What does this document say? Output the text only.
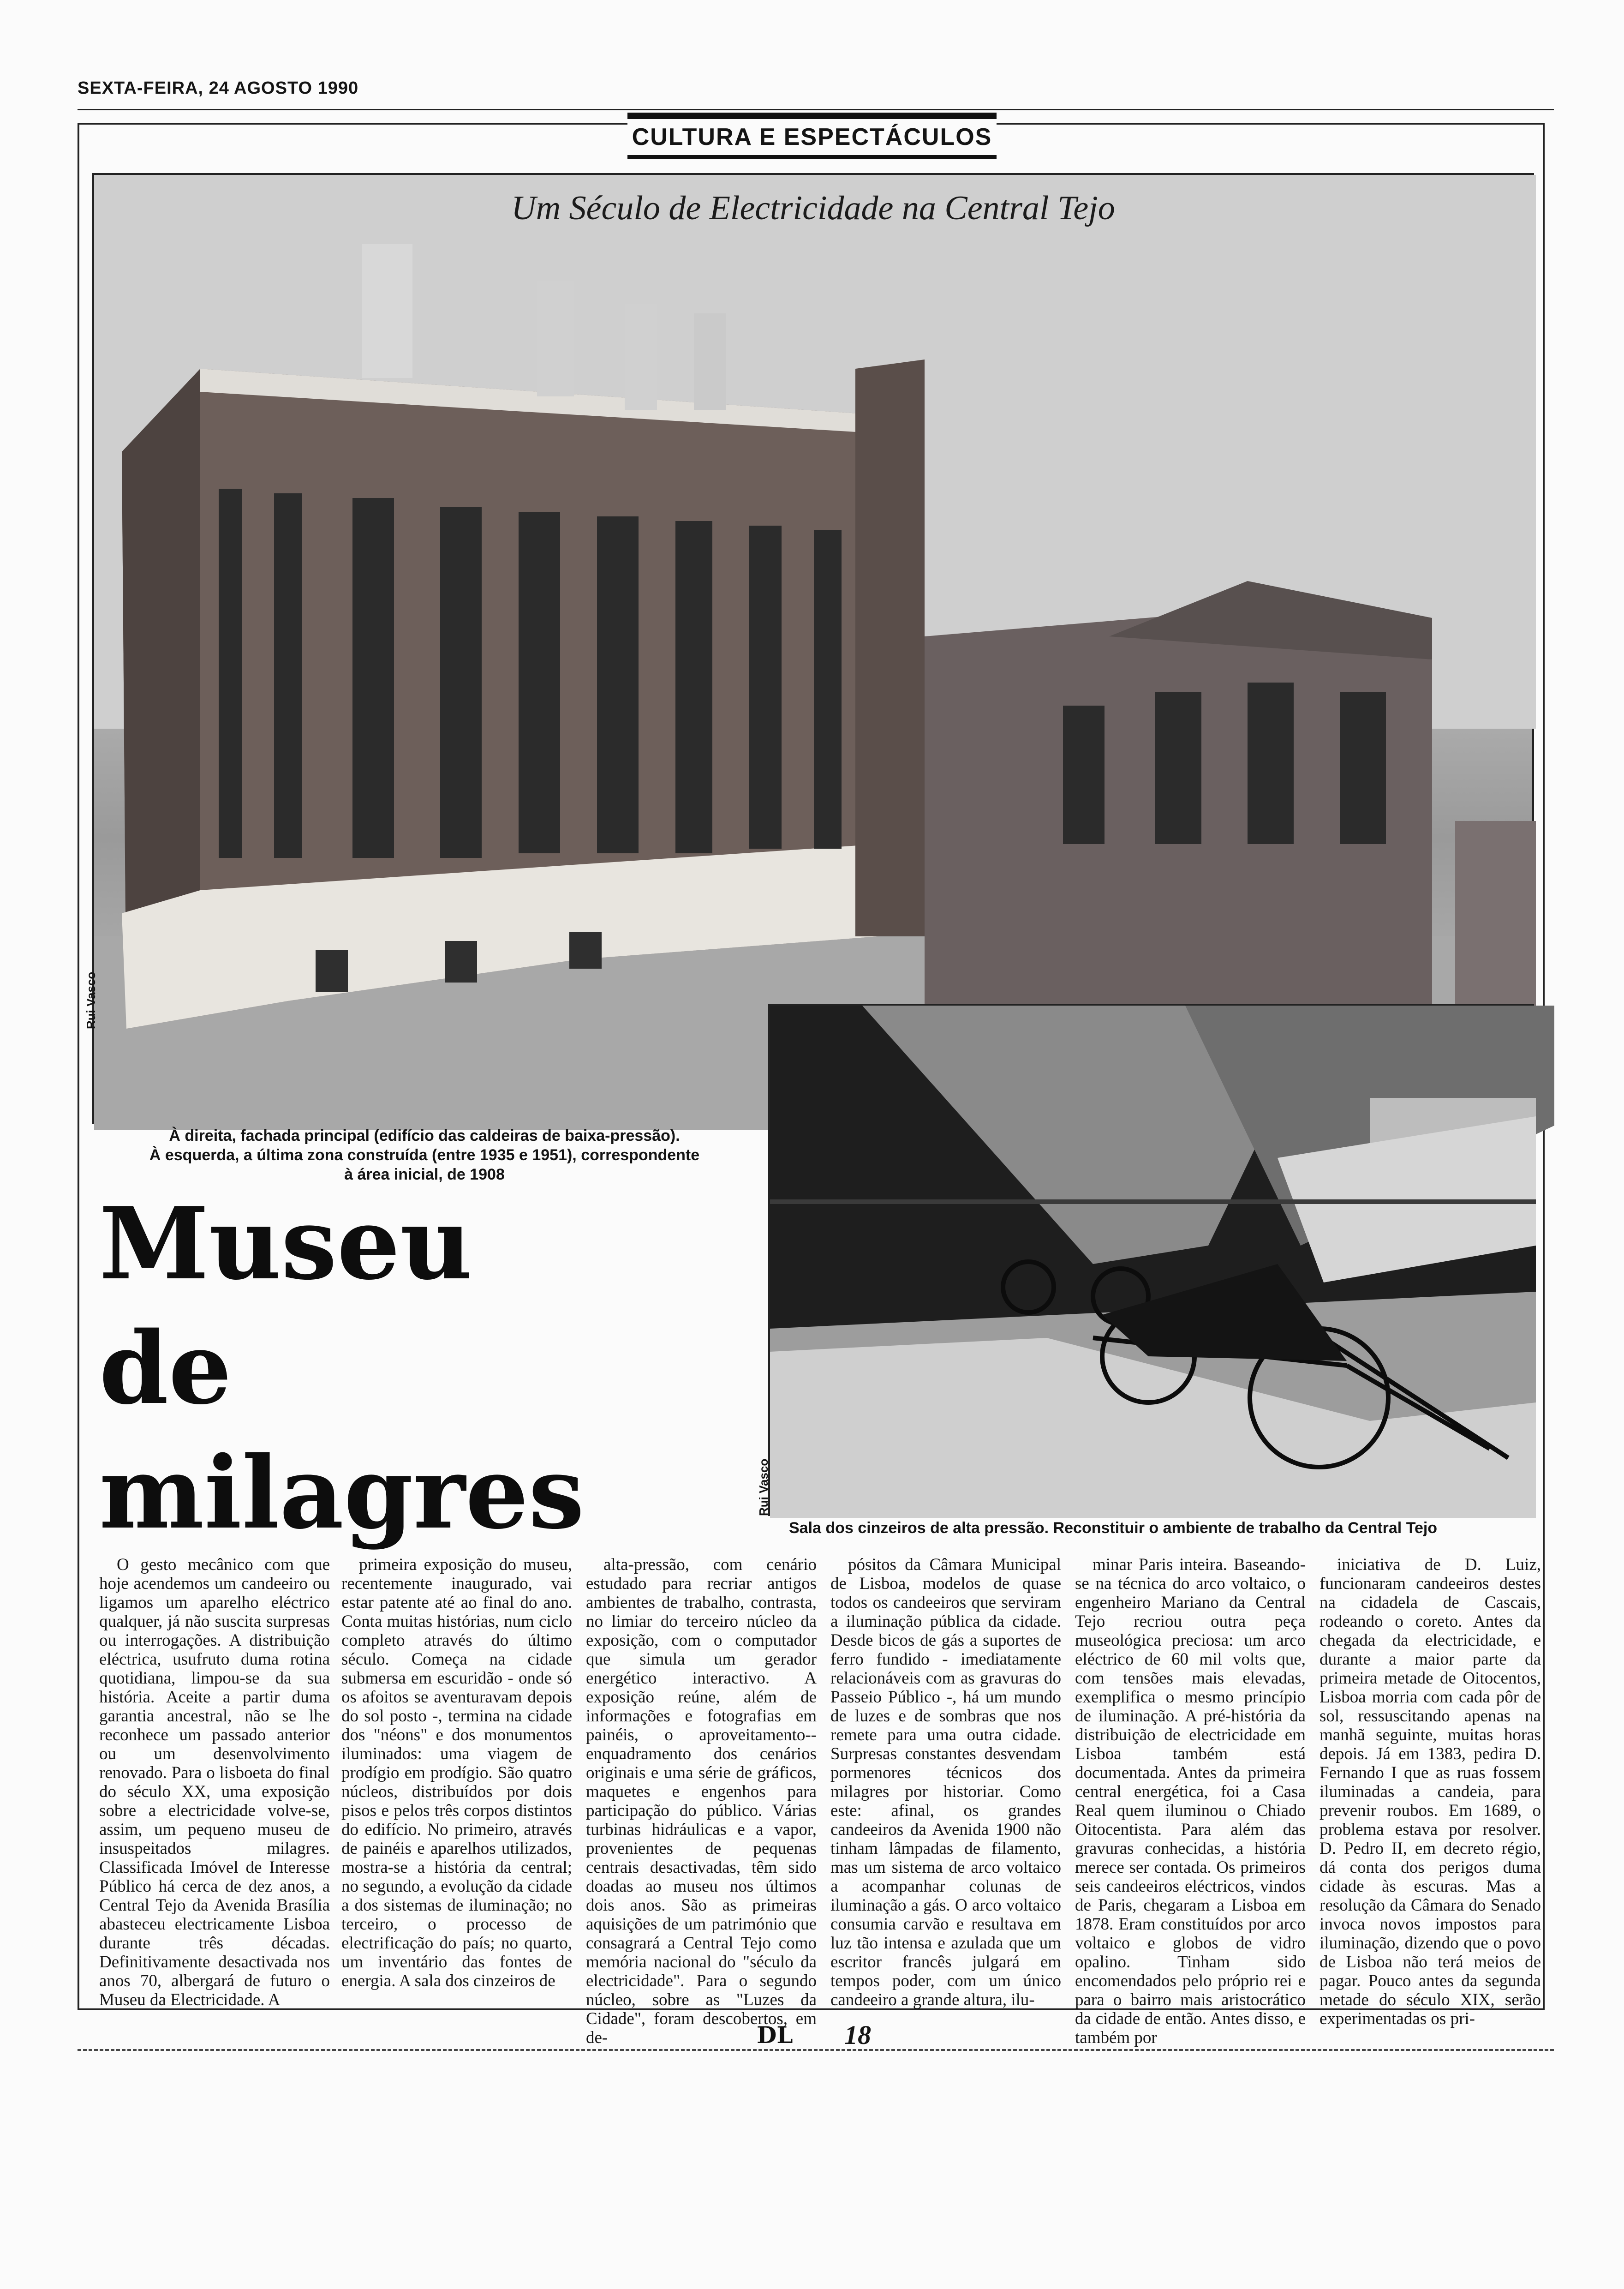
SEXTA-FEIRA, 24 AGOSTO 1990
CULTURA E ESPECTÁCULOS
Um Século de Electricidade na Central Tejo
Rui Vasco
Rui Vasco
À direita, fachada principal (edifício das caldeiras de baixa-pressão).
À esquerda, a última zona construída (entre 1935 e 1951), correspondente
à área inicial, de 1908
Sala dos cinzeiros de alta pressão. Reconstituir o ambiente de trabalho da Central Tejo
Museu
de
milagres
O gesto mecânico com que hoje acendemos um candeeiro ou ligamos um aparelho eléctrico qualquer, já não suscita surpresas ou interrogações. A distribuição eléctrica, usufruto duma rotina quotidiana, limpou-se da sua história. Aceite a partir duma garantia ancestral, não se lhe reconhece um passado anterior ou um desenvolvimento renovado. Para o lisboeta do final do século XX, uma exposição sobre a electricidade volve-se, assim, um pequeno museu de insuspeitados milagres. Classificada Imóvel de Interesse Público há cerca de dez anos, a Central Tejo da Avenida Brasília abasteceu electricamente Lisboa durante três décadas. Definitivamente desactivada nos anos 70, albergará de futuro o Museu da Electricidade. A
primeira exposição do museu, recentemente inaugurado, vai estar patente até ao final do ano. Conta muitas histórias, num ciclo completo através do último século. Começa na cidade submersa em escuridão - onde só os afoitos se aventuravam depois do sol posto -, termina na cidade dos "néons" e dos monumentos iluminados: uma viagem de prodígio em prodígio. São quatro núcleos, distribuídos por dois pisos e pelos três corpos distintos do edifício. No primeiro, através de painéis e aparelhos utilizados, mostra-se a história da central; no segundo, a evolução da cidade a dos sistemas de iluminação; no terceiro, o processo de electrificação do país; no quarto, um inventário das fontes de energia. A sala dos cinzeiros de
alta-pressão, com cenário estudado para recriar antigos ambientes de trabalho, contrasta, no limiar do terceiro núcleo da exposição, com o computador que simula um gerador energético interactivo. A exposição reúne, além de informações e fotografias em painéis, o aproveitamento--enquadramento dos cenários originais e uma série de gráficos, maquetes e engenhos para participação do público. Várias turbinas hidráulicas e a vapor, provenientes de pequenas centrais desactivadas, têm sido doadas ao museu nos últimos dois anos. São as primeiras aquisições de um património que consagrará a Central Tejo como memória nacional do "século da electricidade". Para o segundo núcleo, sobre as "Luzes da Cidade", foram descobertos, em de-
pósitos da Câmara Municipal de Lisboa, modelos de quase todos os candeeiros que serviram a iluminação pública da cidade. Desde bicos de gás a suportes de ferro fundido - imediatamente relacionáveis com as gravuras do Passeio Público -, há um mundo de luzes e de sombras que nos remete para uma outra cidade. Surpresas constantes desvendam pormenores técnicos dos milagres por historiar. Como este: afinal, os grandes candeeiros da Avenida 1900 não tinham lâmpadas de filamento, mas um sistema de arco voltaico a acompanhar colunas de iluminação a gás. O arco voltaico consumia carvão e resultava em luz tão intensa e azulada que um escritor francês julgará em tempos poder, com um único candeeiro a grande altura, ilu-
minar Paris inteira. Baseando-se na técnica do arco voltaico, o engenheiro Mariano da Central Tejo recriou outra peça museológica preciosa: um arco eléctrico de 60 mil volts que, com tensões mais elevadas, exemplifica o mesmo princípio de iluminação. A pré-história da distribuição de electricidade em Lisboa também está documentada. Antes da primeira central energética, foi a Casa Real quem iluminou o Chiado Oitocentista. Para além das gravuras conhecidas, a história merece ser contada. Os primeiros seis candeeiros eléctricos, vindos de Paris, chegaram a Lisboa em 1878. Eram constituídos por arco voltaico e globos de vidro opalino. Tinham sido encomendados pelo próprio rei e para o bairro mais aristocrático da cidade de então. Antes disso, e também por
iniciativa de D. Luiz, funcionaram candeeiros destes na cidadela de Cascais, rodeando o coreto. Antes da chegada da electricidade, e durante a maior parte da primeira metade de Oitocentos, Lisboa morria com cada pôr de sol, ressuscitando apenas na manhã seguinte, muitas horas depois. Já em 1383, pedira D. Fernando I que as ruas fossem iluminadas a candeia, para prevenir roubos. Em 1689, o problema estava por resolver. D. Pedro II, em decreto régio, dá conta dos perigos duma cidade às escuras. Mas a resolução da Câmara do Senado invoca novos impostos para iluminação, dizendo que o povo de Lisboa não terá meios de pagar. Pouco antes da segunda metade do século XIX, serão experimentadas os pri-
DL	18
